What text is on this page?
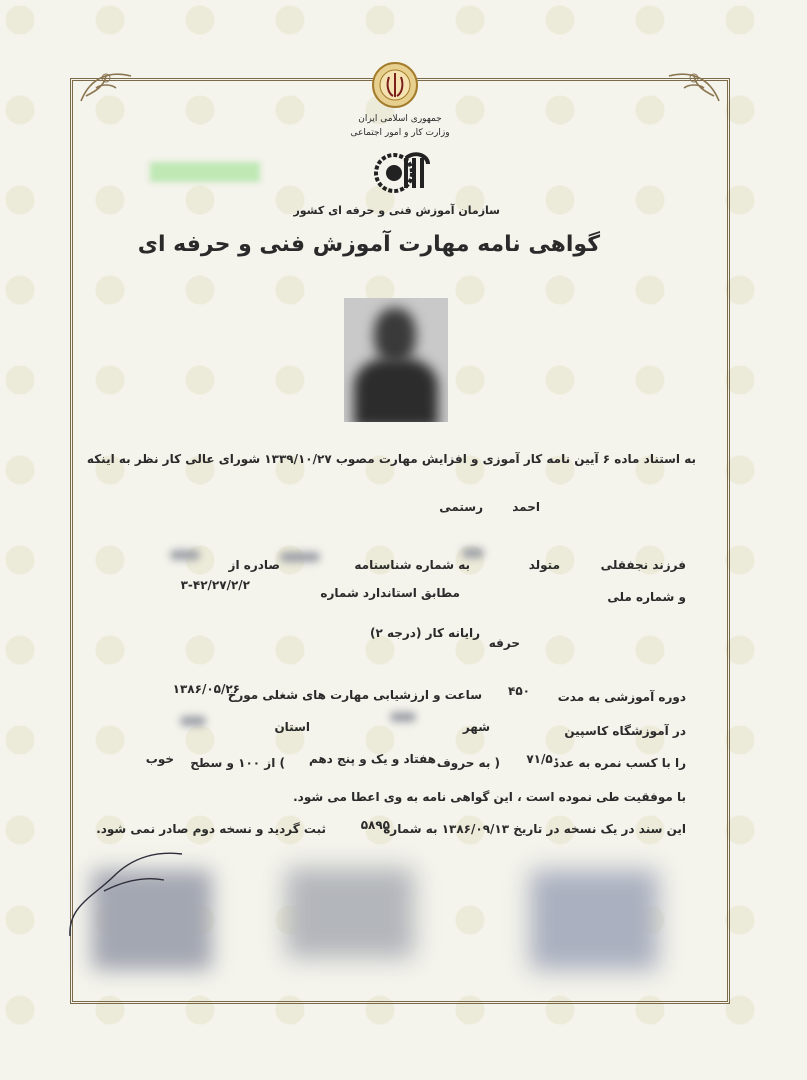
جمهوری اسلامی ایران
وزارت کار و امور اجتماعی
سازمان آموزش فنی و حرفه ای کشور
گواهی نامه مهارت آموزش فنی و حرفه ای
به استناد ماده ۶ آیین نامه کار آموزی و افزایش مهارت مصوب ۱۳۳۹/۱۰/۲۷ شورای عالی کار نظر به اینکه
احمد       رستمی
فرزند نجفقلی
متولد
به شماره شناسنامه
صادره از
و شماره ملی
مطابق استاندارد شماره
۳-۴۲/۲۷/۲/۲
حرفه
رایانه کار (درجه ۲)
دوره آموزشی به مدت
۴۵۰
ساعت و ارزشیابی مهارت های شغلی مورخ
۱۳۸۶/۰۵/۲۶
در آموزشگاه کاسپین
شهر
استان
را با کسب نمره به عدد
۷۱/۵۰
( به حروف
هفتاد و یک و پنج دهم
) از ۱۰۰ و سطح
خوب
با موفقیت طی نموده است ، این گواهی نامه به وی اعطا می شود.
این سند در یک نسخه در تاریخ ۱۳۸۶/۰۹/۱۳ به شماره
۵۸۹۵
ثبت گردید و نسخه دوم صادر نمی شود.
